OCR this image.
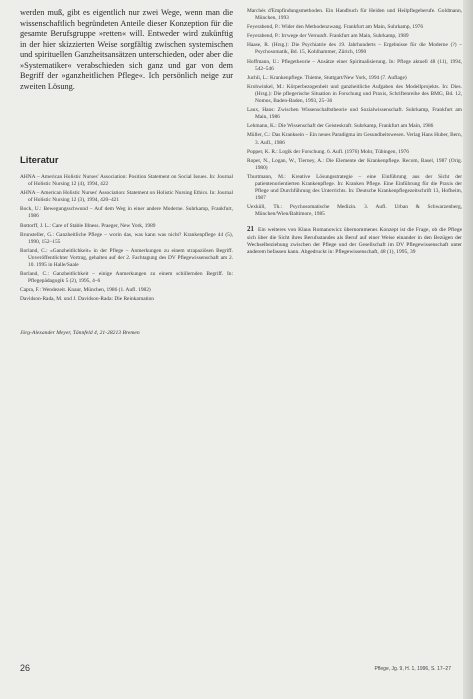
werden muß, gibt es eigentlich nur zwei Wege, wenn man die wissenschaftlich begründeten Anteile dieser Konzeption für die gesamte Berufsgruppe »retten« will. Entweder wird zukünftig in der hier skizzierten Weise sorgfältig zwischen systemischen und spirituellen Ganzheitsansätzen unterschieden, oder aber die »Systematiker« verabschieden sich ganz und gar von dem Begriff der »ganzheitlichen Pflege«. Ich persönlich neige zur zweiten Lösung.

Literatur

AHNA – American Holistic Nurses' Association: Position Statement on Social Issues. In: Journal of Holistic Nursing 12 (4), 1994, 422

AHNA – American Holistic Nurses' Association: Statement on Holistic Nursing Ethics. In: Journal of Holistic Nursing 12 (3), 1994, 420–421

Bock, U.: Bewegungsschwund – Auf dem Weg in einer andere Moderne. Suhrkamp, Frankfurt, 1986

Bottorff, J. L.: Care of Stable Illness. Praeger, New York, 1989

Brunsteller, G.: Ganzheitliche Pflege – worin das, was kann was nicht? Krankenpflege 44 (5), 1990, 152–155

Borland, C.: »Ganzheitlichkeit« in der Pflege – Anmerkungen zu einem strapaziösen Begriff. Unveröffentlichter Vortrag, gehalten auf der 2. Fachtagung des DV Pflegewissenschaft am 2. 10. 1995 in Halle/Saale

Borland, C.: Ganzheitlichkeit – einige Anmerkungen zu einem schillernden Begriff. In: Pflegepädagogik 5 (2), 1995, 4–6

Capra, F.: Wendezeit. Knaur, München, 1986 (1. Aufl. 1982)

Davidson-Rada, M. und J. Davidson-Rada: Die Reinkarnation

Jörg-Alexander Meyer, Tännfeld 4, 21-28213 Bremen

Marchés d'Empfindungsmethoden. Ein Handbuch für Heiden und Heilpflegeberufe. Goldmann, München, 1993

Feyerabend, P.: Wider den Methodenzwang. Frankfurt am Main, Suhrkamp, 1976

Feyerabend, P.: Irrwege der Vernunft. Frankfurt am Main, Suhrkamp, 1989

Haase, R. (Hrsg.): Die Psychiatrie des 19. Jahrhunderts – Ergebnisse für die Moderne (?) – Psychosomatik, Bd. 15, Kohlhammer, Zürich, 1990

Hoffmann, U.: Pflegetheorie – Ansätze einer Spiritualisierung. In: Pflege aktuell 48 (11), 1994, 542–546

Juchli, L.: Krankenpflege. Thieme, Stuttgart/New York, 1994 (7. Auflage)

Krohwinkel, M.: Körperbezogenheit und ganzheitliche Aufgaben des Modellprojekts. In: Dies. (Hrsg.): Die pflegerische Situation in Forschung und Praxis, Schriftenreihe des BMG, Bd. 12, Nomos, Baden-Baden, 1993, 25–36

Laux, Hans: Zwischen Wissenschaftstheorie und Sozialwissenschaft. Suhrkamp, Frankfurt am Main, 1986

Lehmann, K.: Die Wissenschaft der Geisteskraft. Suhrkamp, Frankfurt am Main, 1986

Müller, C.: Das Kranksein – Ein neues Paradigma im Gesundheitswesen. Verlag Hans Huber, Bern, 3. Aufl., 1986

Popper, K. R.: Logik der Forschung. 6. Aufl. (1976) Mohr, Tübingen, 1976

Roper, N., Logan, W., Tierney, A.: Die Elemente der Krankenpflege. Recom, Basel, 1987 (Orig. 1980)

Thurtmann, M.: Kreative Lösungsstrategie – eine Einführung aus der Sicht der patientenorientierten Krankenpflege. In: Kranken Pflege. Eine Einführung für die Praxis der Pflege und Durchführung des Unterrichts. In: Deutsche Krankenpflegezeitschrift 13, Hofheim, 1987

Uexküll, Th.: Psychosomatische Medizin. 3. Aufl. Urban & Schwarzenberg, München/Wien/Baltimore, 1985

21 Ein weiteres von Klaus Romanowicz übernommenes Konzept ist die Frage, ob die Pflege sich über die Sicht ihres Berufsstandes als Beruf auf einer Weise einander in den Bezügen der Wechselbeziehung zwischen der Pflege und der Gesellschaft im DV Pflegewissenschaft unter anderem befassen kann. Abgedruckt in: Pflegewissenschaft, 48 (1), 1995, 39
26	Pflege, Jg. 9, H. 1, 1996, S. 17–27
